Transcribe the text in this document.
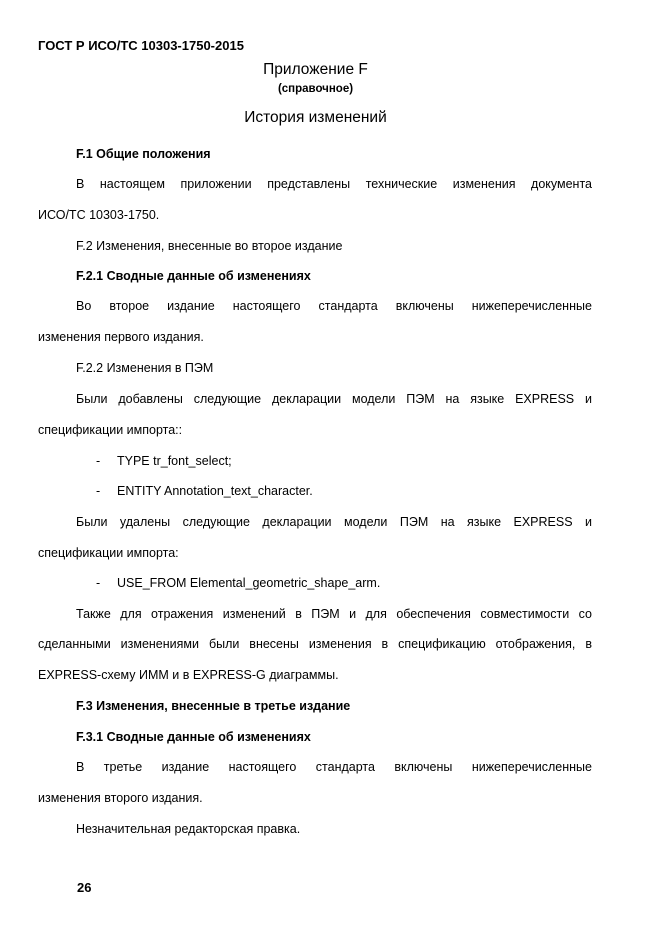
ГОСТ Р ИСО/ТС 10303-1750-2015
Приложение F
(справочное)
История изменений
F.1 Общие положения
В настоящем приложении представлены технические изменения документа
ИСО/ТС 10303-1750.
F.2 Изменения, внесенные во второе издание
F.2.1 Сводные данные об изменениях
Во второе издание настоящего стандарта включены нижеперечисленные
изменения первого издания.
F.2.2 Изменения в ПЭМ
Были добавлены следующие декларации модели ПЭМ на языке EXPRESS и
спецификации импорта::
- TYPE tr_font_select;
- ENTITY Annotation_text_character.
Были удалены следующие декларации модели ПЭМ на языке EXPRESS и
спецификации импорта:
- USE_FROM Elemental_geometric_shape_arm.
Также для отражения изменений в ПЭМ и для обеспечения совместимости со
сделанными изменениями были внесены изменения в спецификацию отображения, в
EXPRESS-схему ИММ и в EXPRESS-G диаграммы.
F.3 Изменения, внесенные в третье издание
F.3.1 Сводные данные об изменениях
В третье издание настоящего стандарта включены нижеперечисленные
изменения второго издания.
Незначительная редакторская правка.
26
